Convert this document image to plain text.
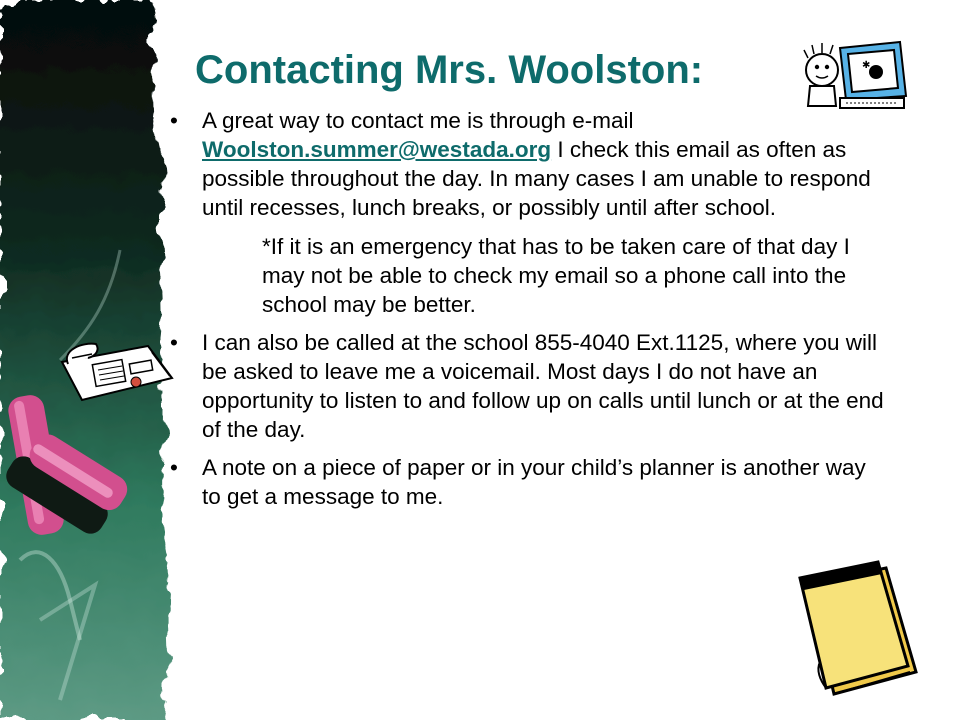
Contacting Mrs. Woolston:	✱

•	A great way to contact me is through e-mail Woolston.summer@westada.org I check this email as often as possible throughout the day. In many cases I am unable to respond until recesses, lunch breaks, or possibly until after school.

*If it is an emergency that has to be taken care of that day I may not be able to check my email so a phone call into the school may be better.

•	I can also be called at the school 855-4040 Ext.1125, where you will be asked to leave me a voicemail. Most days I do not have an opportunity to listen to and follow up on calls until lunch or at the end of the day.

•	A note on a piece of paper or in your child’s planner is another way to get a message to me.
